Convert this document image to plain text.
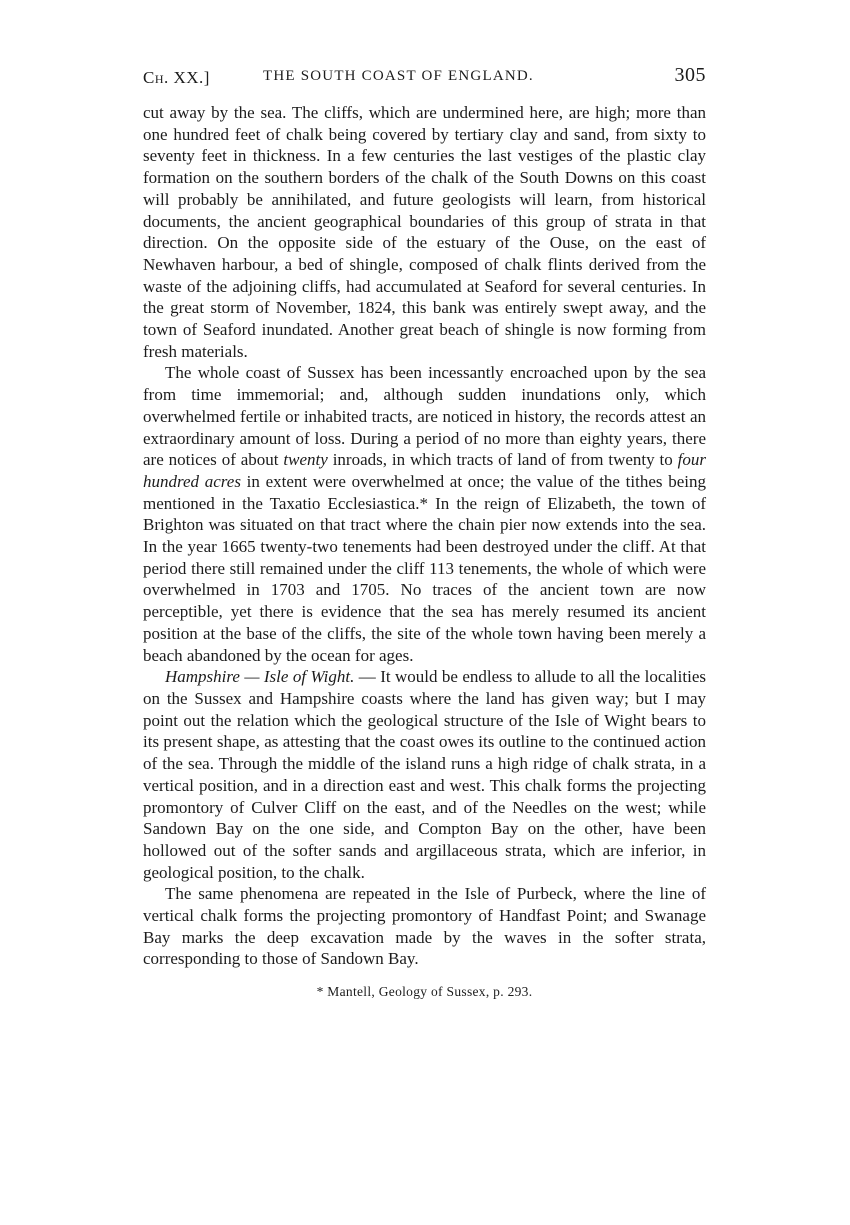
Ch. XX.]	THE SOUTH COAST OF ENGLAND.	305

cut away by the sea. The cliffs, which are undermined here, are high; more than one hundred feet of chalk being covered by tertiary clay and sand, from sixty to seventy feet in thickness. In a few centuries the last vestiges of the plastic clay formation on the southern borders of the chalk of the South Downs on this coast will probably be annihilated, and future geologists will learn, from historical documents, the ancient geographical boundaries of this group of strata in that direction. On the opposite side of the estuary of the Ouse, on the east of Newhaven harbour, a bed of shingle, composed of chalk flints derived from the waste of the adjoining cliffs, had accumulated at Seaford for several centuries. In the great storm of November, 1824, this bank was entirely swept away, and the town of Seaford inundated. Another great beach of shingle is now forming from fresh materials.

The whole coast of Sussex has been incessantly encroached upon by the sea from time immemorial; and, although sudden inundations only, which overwhelmed fertile or inhabited tracts, are noticed in history, the records attest an extraordinary amount of loss. During a period of no more than eighty years, there are notices of about twenty inroads, in which tracts of land of from twenty to four hundred acres in extent were overwhelmed at once; the value of the tithes being mentioned in the Taxatio Ecclesiastica.* In the reign of Elizabeth, the town of Brighton was situated on that tract where the chain pier now extends into the sea. In the year 1665 twenty-two tenements had been destroyed under the cliff. At that period there still remained under the cliff 113 tenements, the whole of which were overwhelmed in 1703 and 1705. No traces of the ancient town are now perceptible, yet there is evidence that the sea has merely resumed its ancient position at the base of the cliffs, the site of the whole town having been merely a beach abandoned by the ocean for ages.

Hampshire — Isle of Wight. — It would be endless to allude to all the localities on the Sussex and Hampshire coasts where the land has given way; but I may point out the relation which the geological structure of the Isle of Wight bears to its present shape, as attesting that the coast owes its outline to the continued action of the sea. Through the middle of the island runs a high ridge of chalk strata, in a vertical position, and in a direction east and west. This chalk forms the projecting promontory of Culver Cliff on the east, and of the Needles on the west; while Sandown Bay on the one side, and Compton Bay on the other, have been hollowed out of the softer sands and argillaceous strata, which are inferior, in geological position, to the chalk.

The same phenomena are repeated in the Isle of Purbeck, where the line of vertical chalk forms the projecting promontory of Handfast Point; and Swanage Bay marks the deep excavation made by the waves in the softer strata, corresponding to those of Sandown Bay.

* Mantell, Geology of Sussex, p. 293.
